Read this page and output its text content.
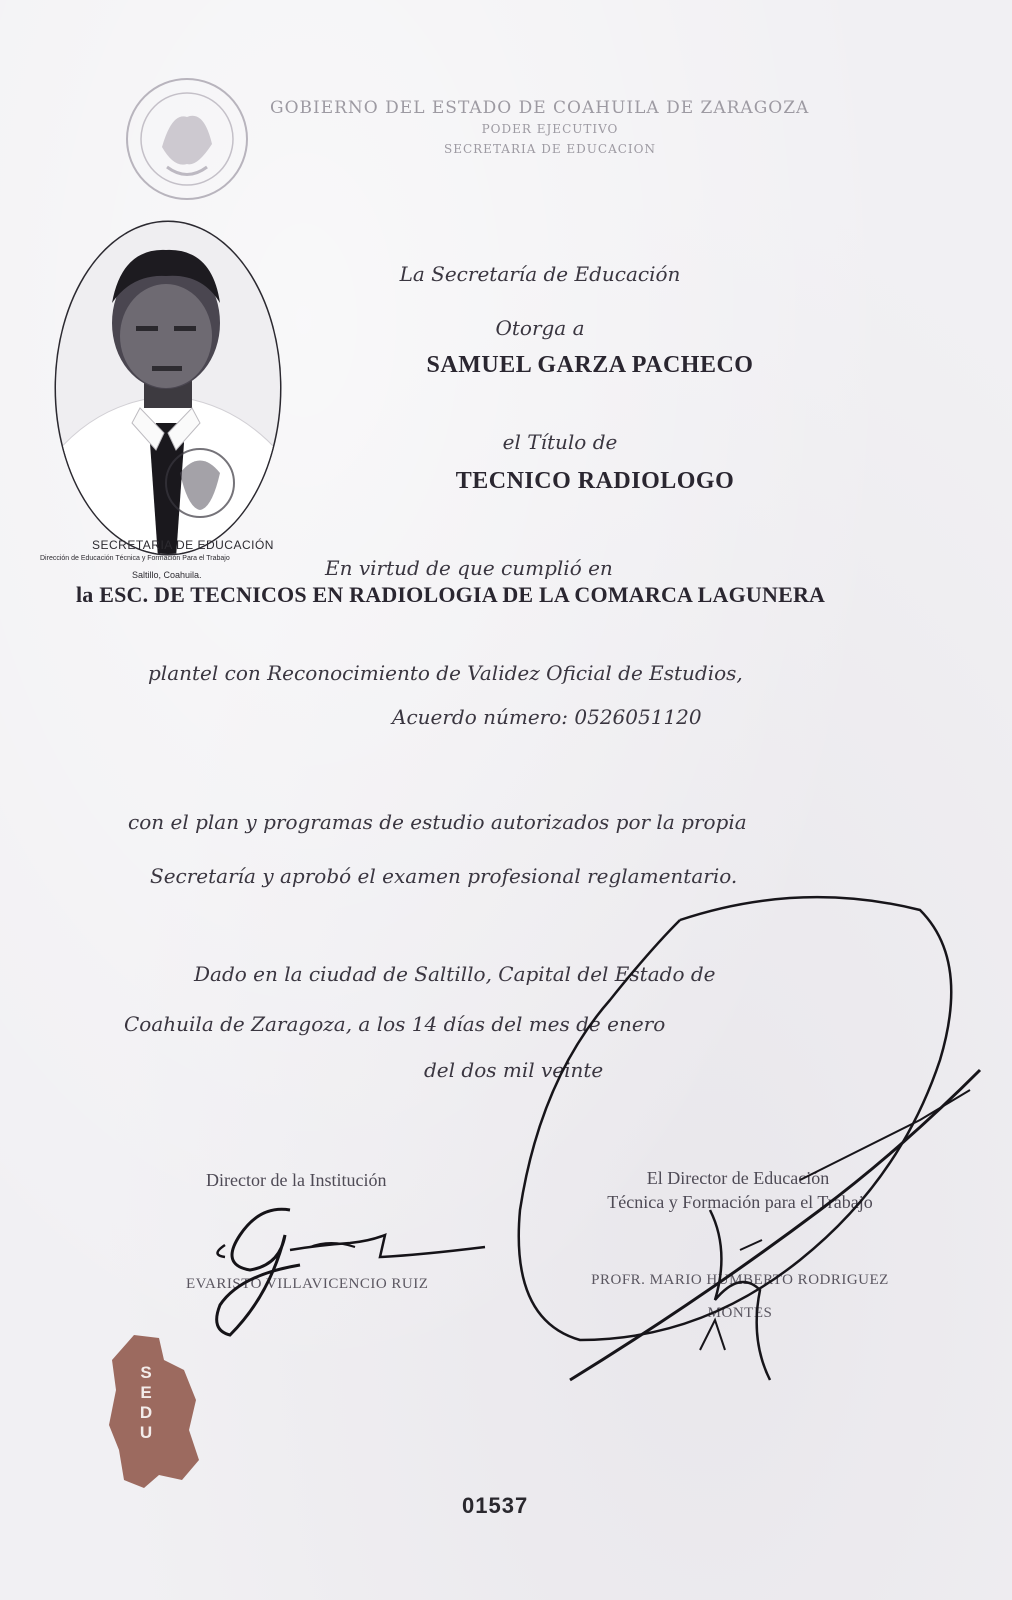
GOBIERNO DEL ESTADO DE COAHUILA DE ZARAGOZA
PODER EJECUTIVO
SECRETARIA DE EDUCACION
SECRETARIA DE EDUCACIÓN
Dirección de Educación Técnica y Formación Para el Trabajo
Saltillo, Coahuila.
La Secretaría de Educación
Otorga a
SAMUEL GARZA PACHECO
el Título de
TECNICO RADIOLOGO
En virtud de que cumplió en
la ESC. DE TECNICOS EN RADIOLOGIA DE LA COMARCA LAGUNERA
plantel con Reconocimiento de Validez Oficial de Estudios,
Acuerdo número: 0526051120
con el plan y programas de estudio autorizados por la propia
Secretaría y aprobó el examen profesional reglamentario.
Dado en la ciudad de Saltillo, Capital del Estado de
Coahuila de Zaragoza, a los 14 días del mes de enero
del dos mil veinte
Director de la Institución
EVARISTO VILLAVICENCIO RUIZ
El Director de Educación
Técnica y Formación para el Trabajo
PROFR. MARIO HUMBERTO RODRIGUEZ
MONTES
SEDU
01537
